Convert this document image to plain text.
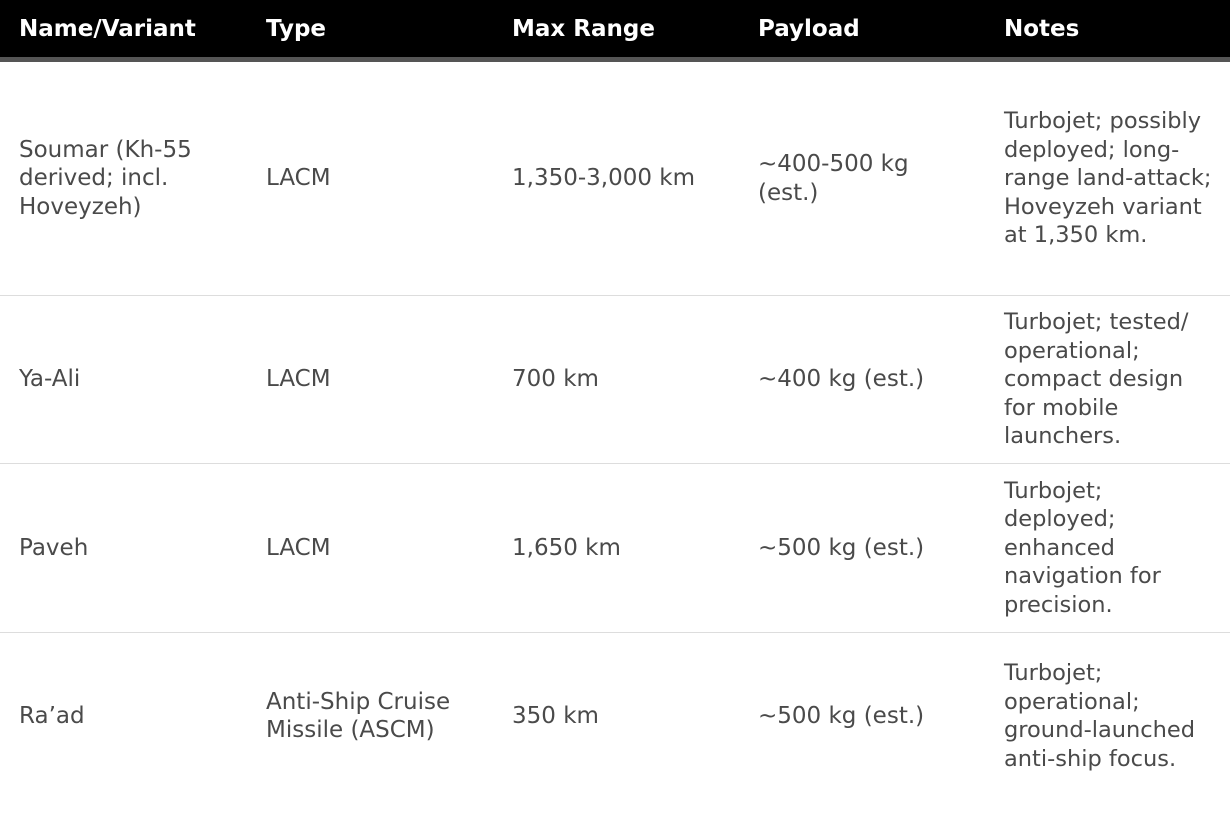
Name/Variant	Type	Max Range	Payload	Notes
Soumar (Kh-55 derived; incl. Hoveyzeh)	LACM	1,350-3,000 km	~400-500 kg (est.)	Turbojet; possibly deployed; long-range land-attack; Hoveyzeh variant at 1,350 km.
Ya-Ali	LACM	700 km	~400 kg (est.)	Turbojet; tested/ operational; compact design for mobile launchers.
Paveh	LACM	1,650 km	~500 kg (est.)	Turbojet; deployed; enhanced navigation for precision.
Ra’ad	Anti-Ship Cruise Missile (ASCM)	350 km	~500 kg (est.)	Turbojet; operational; ground-launched anti-ship focus.
